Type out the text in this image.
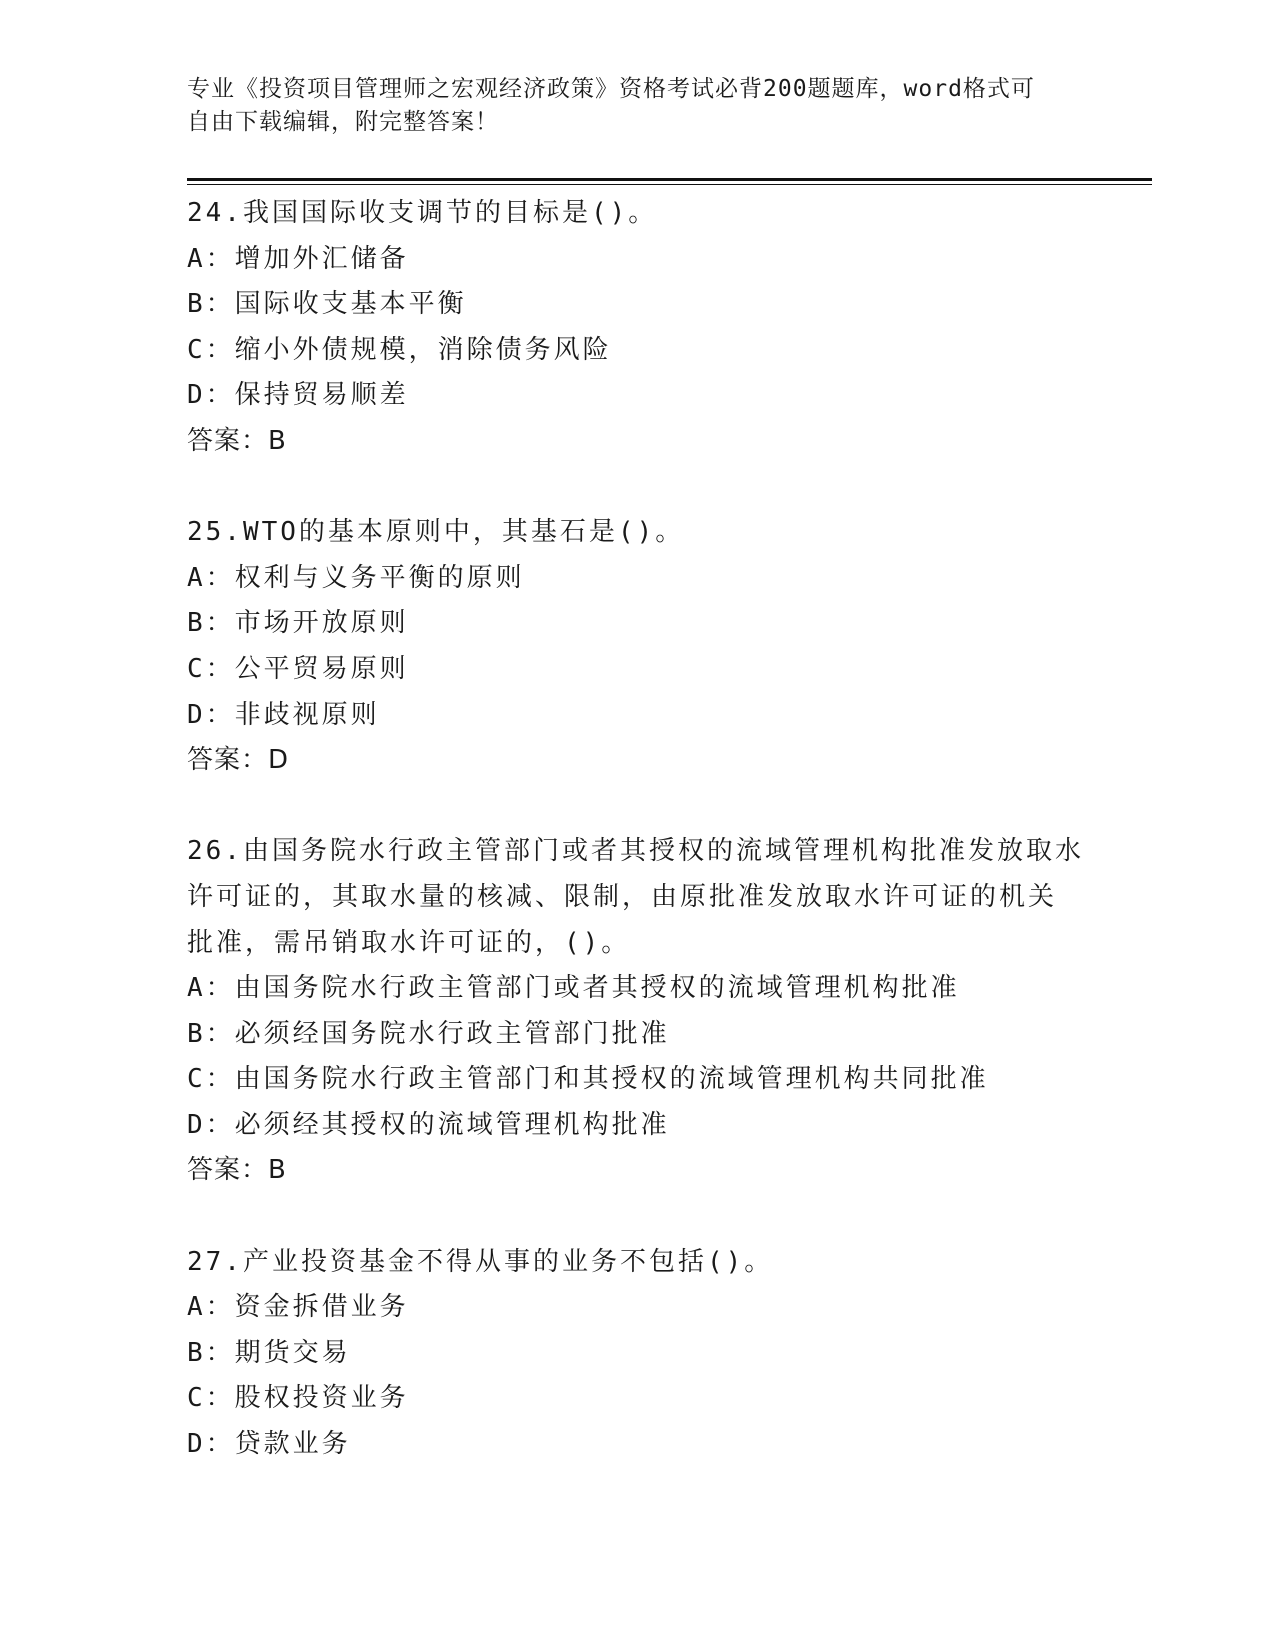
专业《投资项目管理师之宏观经济政策》资格考试必背200题题库，word格式可
自由下载编辑，附完整答案！
24.我国国际收支调节的目标是()。
A：增加外汇储备
B：国际收支基本平衡
C：缩小外债规模，消除债务风险
D：保持贸易顺差
答案：B
25.WTO的基本原则中，其基石是()。
A：权利与义务平衡的原则
B：市场开放原则
C：公平贸易原则
D：非歧视原则
答案：D
26.由国务院水行政主管部门或者其授权的流域管理机构批准发放取水
许可证的，其取水量的核减、限制，由原批准发放取水许可证的机关
批准，需吊销取水许可证的，()。
A：由国务院水行政主管部门或者其授权的流域管理机构批准
B：必须经国务院水行政主管部门批准
C：由国务院水行政主管部门和其授权的流域管理机构共同批准
D：必须经其授权的流域管理机构批准
答案：B
27.产业投资基金不得从事的业务不包括()。
A：资金拆借业务
B：期货交易
C：股权投资业务
D：贷款业务
